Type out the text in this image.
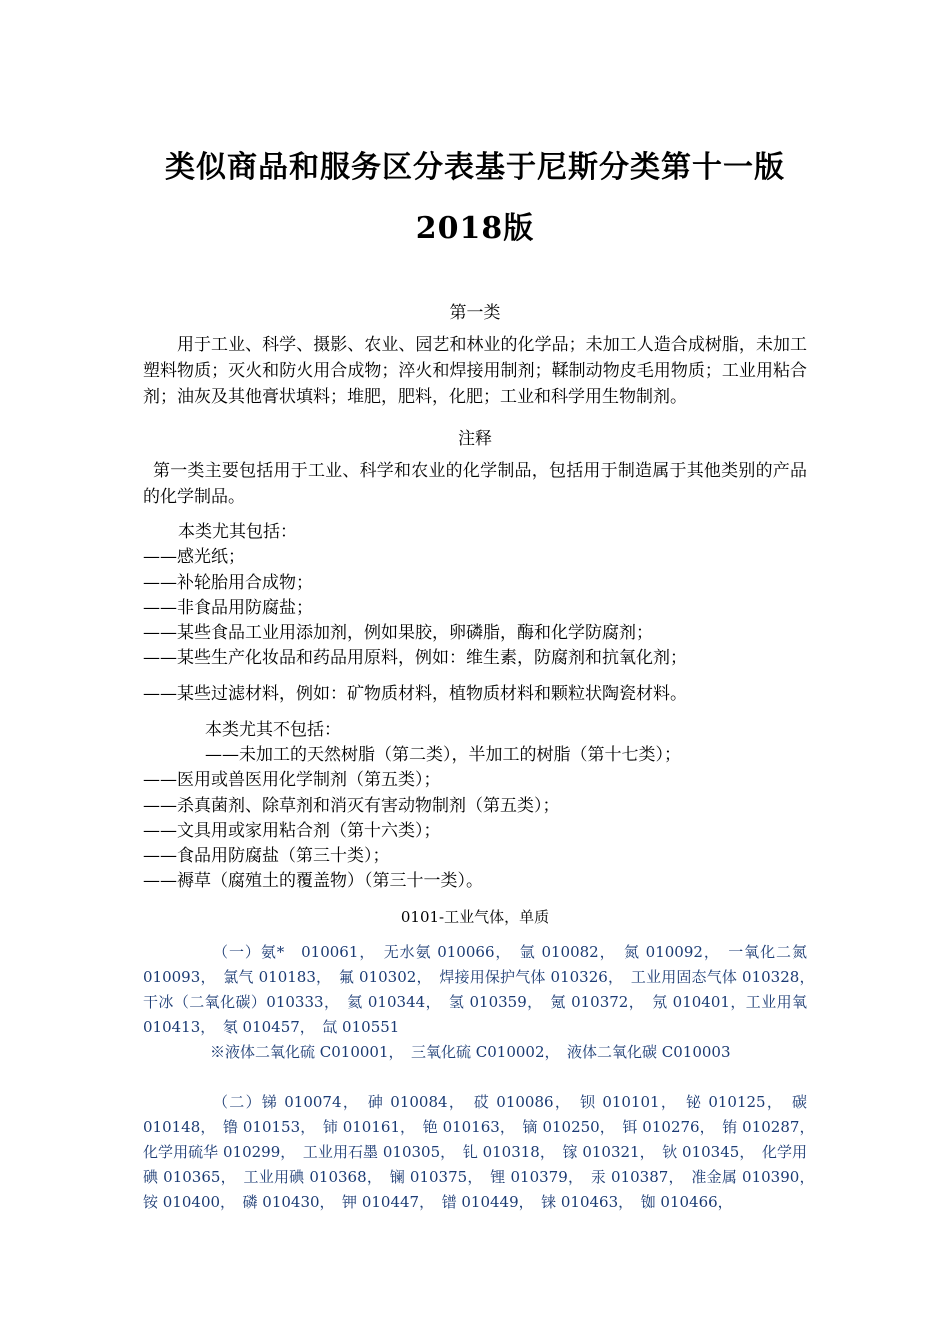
类似商品和服务区分表基于尼斯分类第十一版
2018版
第一类
用于工业、科学、摄影、农业、园艺和林业的化学品；未加工人造合成树脂，未加工塑料物质；灭火和防火用合成物；淬火和焊接用制剂；鞣制动物皮毛用物质；工业用粘合剂；油灰及其他膏状填料；堆肥，肥料，化肥；工业和科学用生物制剂。
注释
第一类主要包括用于工业、科学和农业的化学制品，包括用于制造属于其他类别的产品的化学制品。
本类尤其包括：
——感光纸；
——补轮胎用合成物；
——非食品用防腐盐；
——某些食品工业用添加剂，例如果胶，卵磷脂，酶和化学防腐剂；
——某些生产化妆品和药品用原料，例如：维生素，防腐剂和抗氧化剂；
——某些过滤材料，例如：矿物质材料，植物质材料和颗粒状陶瓷材料。
本类尤其不包括：
——未加工的天然树脂（第二类），半加工的树脂（第十七类）；
——医用或兽医用化学制剂（第五类）；
——杀真菌剂、除草剂和消灭有害动物制剂（第五类）；
——文具用或家用粘合剂（第十六类）；
——食品用防腐盐（第三十类）；
——褥草（腐殖土的覆盖物）（第三十一类）。
0101-工业气体，单质
（一）氨*　010061，　无水氨 010066，　氩 010082，　氮 010092，　一氧化二氮 010093，　氯气 010183，　氟 010302，　焊接用保护气体 010326，　工业用固态气体 010328，　干冰（二氧化碳）010333，　氦 010344，　氢 010359，　氪 010372，　氖 010401，工业用氧 010413，　氡 010457，　氙 010551
※液体二氧化硫 C010001，　三氧化硫 C010002，　液体二氧化碳 C010003
（二）锑 010074，　砷 010084，　砹 010086，　钡 010101，　铋 010125，　碳 010148，　镥 010153，　铈 010161，　铯 010163，　镝 010250，　铒 010276，　铕 010287，　化学用硫华 010299，　工业用石墨 010305，　钆 010318，　镓 010321，　钬 010345，　化学用碘 010365，　工业用碘 010368，　镧 010375，　锂 010379，　汞 010387，　准金属 010390，　铵 010400，　磷 010430，　钾 010447，　镨 010449，　铼 010463，　铷 010466，
